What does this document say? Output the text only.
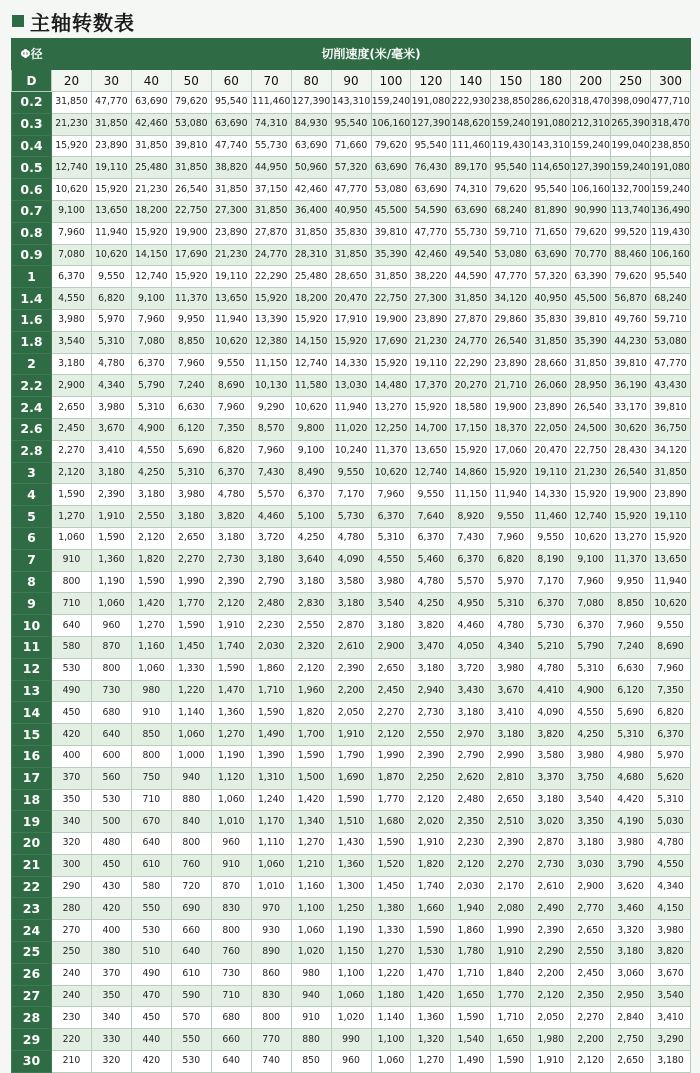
主轴转数表
Φ径	切削速度(米/毫米)															
D	20	30	40	50	60	70	80	90	100	120	140	150	180	200	250	300
0.2	31,850	47,770	63,690	79,620	95,540	111,460	127,390	143,310	159,240	191,080	222,930	238,850	286,620	318,470	398,090	477,710
0.3	21,230	31,850	42,460	53,080	63,690	74,310	84,930	95,540	106,160	127,390	148,620	159,240	191,080	212,310	265,390	318,470
0.4	15,920	23,890	31,850	39,810	47,740	55,730	63,690	71,660	79,620	95,540	111,460	119,430	143,310	159,240	199,040	238,850
0.5	12,740	19,110	25,480	31,850	38,820	44,950	50,960	57,320	63,690	76,430	89,170	95,540	114,650	127,390	159,240	191,080
0.6	10,620	15,920	21,230	26,540	31,850	37,150	42,460	47,770	53,080	63,690	74,310	79,620	95,540	106,160	132,700	159,240
0.7	9,100	13,650	18,200	22,750	27,300	31,850	36,400	40,950	45,500	54,590	63,690	68,240	81,890	90,990	113,740	136,490
0.8	7,960	11,940	15,920	19,900	23,890	27,870	31,850	35,830	39,810	47,770	55,730	59,710	71,650	79,620	99,520	119,430
0.9	7,080	10,620	14,150	17,690	21,230	24,770	28,310	31,850	35,390	42,460	49,540	53,080	63,690	70,770	88,460	106,160
1	6,370	9,550	12,740	15,920	19,110	22,290	25,480	28,650	31,850	38,220	44,590	47,770	57,320	63,390	79,620	95,540
1.4	4,550	6,820	9,100	11,370	13,650	15,920	18,200	20,470	22,750	27,300	31,850	34,120	40,950	45,500	56,870	68,240
1.6	3,980	5,970	7,960	9,950	11,940	13,390	15,920	17,910	19,900	23,890	27,870	29,860	35,830	39,810	49,760	59,710
1.8	3,540	5,310	7,080	8,850	10,620	12,380	14,150	15,920	17,690	21,230	24,770	26,540	31,850	35,390	44,230	53,080
2	3,180	4,780	6,370	7,960	9,550	11,150	12,740	14,330	15,920	19,110	22,290	23,890	28,660	31,850	39,810	47,770
2.2	2,900	4,340	5,790	7,240	8,690	10,130	11,580	13,030	14,480	17,370	20,270	21,710	26,060	28,950	36,190	43,430
2.4	2,650	3,980	5,310	6,630	7,960	9,290	10,620	11,940	13,270	15,920	18,580	19,900	23,890	26,540	33,170	39,810
2.6	2,450	3,670	4,900	6,120	7,350	8,570	9,800	11,020	12,250	14,700	17,150	18,370	22,050	24,500	30,620	36,750
2.8	2,270	3,410	4,550	5,690	6,820	7,960	9,100	10,240	11,370	13,650	15,920	17,060	20,470	22,750	28,430	34,120
3	2,120	3,180	4,250	5,310	6,370	7,430	8,490	9,550	10,620	12,740	14,860	15,920	19,110	21,230	26,540	31,850
4	1,590	2,390	3,180	3,980	4,780	5,570	6,370	7,170	7,960	9,550	11,150	11,940	14,330	15,920	19,900	23,890
5	1,270	1,910	2,550	3,180	3,820	4,460	5,100	5,730	6,370	7,640	8,920	9,550	11,460	12,740	15,920	19,110
6	1,060	1,590	2,120	2,650	3,180	3,720	4,250	4,780	5,310	6,370	7,430	7,960	9,550	10,620	13,270	15,920
7	910	1,360	1,820	2,270	2,730	3,180	3,640	4,090	4,550	5,460	6,370	6,820	8,190	9,100	11,370	13,650
8	800	1,190	1,590	1,990	2,390	2,790	3,180	3,580	3,980	4,780	5,570	5,970	7,170	7,960	9,950	11,940
9	710	1,060	1,420	1,770	2,120	2,480	2,830	3,180	3,540	4,250	4,950	5,310	6,370	7,080	8,850	10,620
10	640	960	1,270	1,590	1,910	2,230	2,550	2,870	3,180	3,820	4,460	4,780	5,730	6,370	7,960	9,550
11	580	870	1,160	1,450	1,740	2,030	2,320	2,610	2,900	3,470	4,050	4,340	5,210	5,790	7,240	8,690
12	530	800	1,060	1,330	1,590	1,860	2,120	2,390	2,650	3,180	3,720	3,980	4,780	5,310	6,630	7,960
13	490	730	980	1,220	1,470	1,710	1,960	2,200	2,450	2,940	3,430	3,670	4,410	4,900	6,120	7,350
14	450	680	910	1,140	1,360	1,590	1,820	2,050	2,270	2,730	3,180	3,410	4,090	4,550	5,690	6,820
15	420	640	850	1,060	1,270	1,490	1,700	1,910	2,120	2,550	2,970	3,180	3,820	4,250	5,310	6,370
16	400	600	800	1,000	1,190	1,390	1,590	1,790	1,990	2,390	2,790	2,990	3,580	3,980	4,980	5,970
17	370	560	750	940	1,120	1,310	1,500	1,690	1,870	2,250	2,620	2,810	3,370	3,750	4,680	5,620
18	350	530	710	880	1,060	1,240	1,420	1,590	1,770	2,120	2,480	2,650	3,180	3,540	4,420	5,310
19	340	500	670	840	1,010	1,170	1,340	1,510	1,680	2,020	2,350	2,510	3,020	3,350	4,190	5,030
20	320	480	640	800	960	1,110	1,270	1,430	1,590	1,910	2,230	2,390	2,870	3,180	3,980	4,780
21	300	450	610	760	910	1,060	1,210	1,360	1,520	1,820	2,120	2,270	2,730	3,030	3,790	4,550
22	290	430	580	720	870	1,010	1,160	1,300	1,450	1,740	2,030	2,170	2,610	2,900	3,620	4,340
23	280	420	550	690	830	970	1,100	1,250	1,380	1,660	1,940	2,080	2,490	2,770	3,460	4,150
24	270	400	530	660	800	930	1,060	1,190	1,330	1,590	1,860	1,990	2,390	2,650	3,320	3,980
25	250	380	510	640	760	890	1,020	1,150	1,270	1,530	1,780	1,910	2,290	2,550	3,180	3,820
26	240	370	490	610	730	860	980	1,100	1,220	1,470	1,710	1,840	2,200	2,450	3,060	3,670
27	240	350	470	590	710	830	940	1,060	1,180	1,420	1,650	1,770	2,120	2,350	2,950	3,540
28	230	340	450	570	680	800	910	1,020	1,140	1,360	1,590	1,710	2,050	2,270	2,840	3,410
29	220	330	440	550	660	770	880	990	1,100	1,320	1,540	1,650	1,980	2,200	2,750	3,290
30	210	320	420	530	640	740	850	960	1,060	1,270	1,490	1,590	1,910	2,120	2,650	3,180
